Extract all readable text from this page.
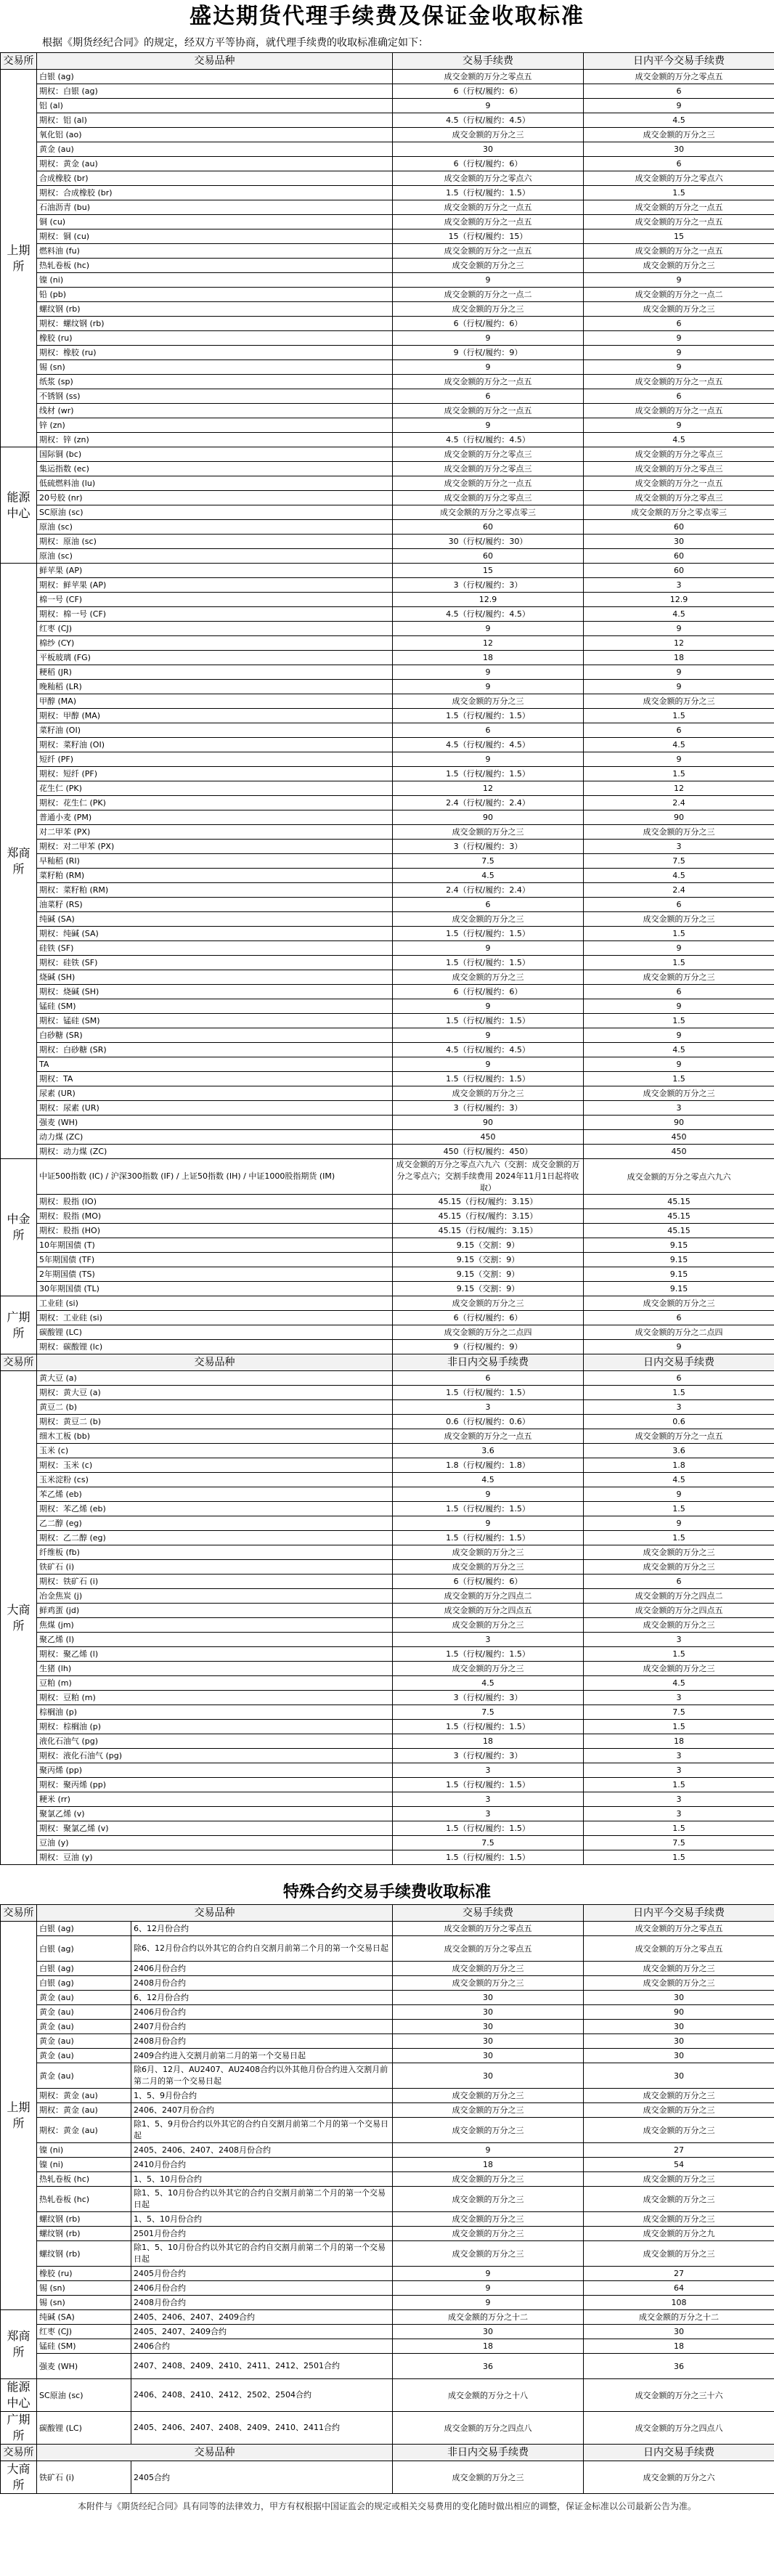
盛达期货代理手续费及保证金收取标准
根据《期货经纪合同》的规定，经双方平等协商，就代理手续费的收取标准确定如下：
交易所	交易品种	交易手续费	日内平今交易手续费
上期所	白银 (ag)	成交金额的万分之零点五	成交金额的万分之零点五
	期权：白银 (ag)	6（行权/履约：6）	6
	铝 (al)	9	9
	期权：铝 (al)	4.5（行权/履约：4.5）	4.5
	氧化铝 (ao)	成交金额的万分之三	成交金额的万分之三
	黄金 (au)	30	30
	期权：黄金 (au)	6（行权/履约：6）	6
	合成橡胶 (br)	成交金额的万分之零点六	成交金额的万分之零点六
	期权：合成橡胶 (br)	1.5（行权/履约：1.5）	1.5
	石油沥青 (bu)	成交金额的万分之一点五	成交金额的万分之一点五
	铜 (cu)	成交金额的万分之一点五	成交金额的万分之一点五
	期权：铜 (cu)	15（行权/履约：15）	15
	燃料油 (fu)	成交金额的万分之一点五	成交金额的万分之一点五
	热轧卷板 (hc)	成交金额的万分之三	成交金额的万分之三
	镍 (ni)	9	9
	铅 (pb)	成交金额的万分之一点二	成交金额的万分之一点二
	螺纹钢 (rb)	成交金额的万分之三	成交金额的万分之三
	期权：螺纹钢 (rb)	6（行权/履约：6）	6
	橡胶 (ru)	9	9
	期权：橡胶 (ru)	9（行权/履约：9）	9
	锡 (sn)	9	9
	纸浆 (sp)	成交金额的万分之一点五	成交金额的万分之一点五
	不锈钢 (ss)	6	6
	线材 (wr)	成交金额的万分之一点五	成交金额的万分之一点五
	锌 (zn)	9	9
	期权：锌 (zn)	4.5（行权/履约：4.5）	4.5
能源中心	国际铜 (bc)	成交金额的万分之零点三	成交金额的万分之零点三
	集运指数 (ec)	成交金额的万分之零点三	成交金额的万分之零点三
	低硫燃料油 (lu)	成交金额的万分之一点五	成交金额的万分之一点五
	20号胶 (nr)	成交金额的万分之零点三	成交金额的万分之零点三
	SC原油 (sc)	成交金额的万分之零点零三	成交金额的万分之零点零三
	原油 (sc)	60	60
	期权：原油 (sc)	30（行权/履约：30）	30
	原油 (sc)	60	60
郑商所	鲜苹果 (AP)	15	60
	期权：鲜苹果 (AP)	3（行权/履约：3）	3
	棉一号 (CF)	12.9	12.9
	期权：棉一号 (CF)	4.5（行权/履约：4.5）	4.5
	红枣 (CJ)	9	9
	棉纱 (CY)	12	12
	平板玻璃 (FG)	18	18
	粳稻 (JR)	9	9
	晚籼稻 (LR)	9	9
	甲醇 (MA)	成交金额的万分之三	成交金额的万分之三
	期权：甲醇 (MA)	1.5（行权/履约：1.5）	1.5
	菜籽油 (OI)	6	6
	期权：菜籽油 (OI)	4.5（行权/履约：4.5）	4.5
	短纤 (PF)	9	9
	期权：短纤 (PF)	1.5（行权/履约：1.5）	1.5
	花生仁 (PK)	12	12
	期权：花生仁 (PK)	2.4（行权/履约：2.4）	2.4
	普通小麦 (PM)	90	90
	对二甲苯 (PX)	成交金额的万分之三	成交金额的万分之三
	期权：对二甲苯 (PX)	3（行权/履约：3）	3
	早籼稻 (RI)	7.5	7.5
	菜籽粕 (RM)	4.5	4.5
	期权：菜籽粕 (RM)	2.4（行权/履约：2.4）	2.4
	油菜籽 (RS)	6	6
	纯碱 (SA)	成交金额的万分之三	成交金额的万分之三
	期权：纯碱 (SA)	1.5（行权/履约：1.5）	1.5
	硅铁 (SF)	9	9
	期权：硅铁 (SF)	1.5（行权/履约：1.5）	1.5
	烧碱 (SH)	成交金额的万分之三	成交金额的万分之三
	期权：烧碱 (SH)	6（行权/履约：6）	6
	锰硅 (SM)	9	9
	期权：锰硅 (SM)	1.5（行权/履约：1.5）	1.5
	白砂糖 (SR)	9	9
	期权：白砂糖 (SR)	4.5（行权/履约：4.5）	4.5
	TA	9	9
	期权：TA	1.5（行权/履约：1.5）	1.5
	尿素 (UR)	成交金额的万分之三	成交金额的万分之三
	期权：尿素 (UR)	3（行权/履约：3）	3
	强麦 (WH)	90	90
	动力煤 (ZC)	450	450
	期权：动力煤 (ZC)	450（行权/履约：450）	450
中金所	中证500指数 (IC) / 沪深300指数 (IF) / 上证50指数 (IH) / 中证1000股指期货 (IM)	成交金额的万分之零点六九六（交割：成交金额的万分之零点六；交割手续费用 2024年11月1日起将收取）	成交金额的万分之零点六九六
	期权：股指 (IO)	45.15（行权/履约：3.15）	45.15
	期权：股指 (MO)	45.15（行权/履约：3.15）	45.15
	期权：股指 (HO)	45.15（行权/履约：3.15）	45.15
	10年期国债 (T)	9.15（交割：9）	9.15
	5年期国债 (TF)	9.15（交割：9）	9.15
	2年期国债 (TS)	9.15（交割：9）	9.15
	30年期国债 (TL)	9.15（交割：9）	9.15
广期所	工业硅 (si)	成交金额的万分之三	成交金额的万分之三
	期权：工业硅 (si)	6（行权/履约：6）	6
	碳酸锂 (LC)	成交金额的万分之二点四	成交金额的万分之二点四
	期权：碳酸锂 (lc)	9（行权/履约：9）	9
交易所	交易品种	非日内交易手续费	日内交易手续费
大商所	黄大豆 (a)	6	6
	期权：黄大豆 (a)	1.5（行权/履约：1.5）	1.5
	黄豆二 (b)	3	3
	期权：黄豆二 (b)	0.6（行权/履约：0.6）	0.6
	细木工板 (bb)	成交金额的万分之一点五	成交金额的万分之一点五
	玉米 (c)	3.6	3.6
	期权：玉米 (c)	1.8（行权/履约：1.8）	1.8
	玉米淀粉 (cs)	4.5	4.5
	苯乙烯 (eb)	9	9
	期权：苯乙烯 (eb)	1.5（行权/履约：1.5）	1.5
	乙二醇 (eg)	9	9
	期权：乙二醇 (eg)	1.5（行权/履约：1.5）	1.5
	纤维板 (fb)	成交金额的万分之三	成交金额的万分之三
	铁矿石 (i)	成交金额的万分之三	成交金额的万分之三
	期权：铁矿石 (i)	6（行权/履约：6）	6
	冶金焦炭 (j)	成交金额的万分之四点二	成交金额的万分之四点二
	鲜鸡蛋 (jd)	成交金额的万分之四点五	成交金额的万分之四点五
	焦煤 (jm)	成交金额的万分之三	成交金额的万分之三
	聚乙烯 (l)	3	3
	期权：聚乙烯 (l)	1.5（行权/履约：1.5）	1.5
	生猪 (lh)	成交金额的万分之三	成交金额的万分之三
	豆粕 (m)	4.5	4.5
	期权：豆粕 (m)	3（行权/履约：3）	3
	棕榈油 (p)	7.5	7.5
	期权：棕榈油 (p)	1.5（行权/履约：1.5）	1.5
	液化石油气 (pg)	18	18
	期权：液化石油气 (pg)	3（行权/履约：3）	3
	聚丙烯 (pp)	3	3
	期权：聚丙烯 (pp)	1.5（行权/履约：1.5）	1.5
	粳米 (rr)	3	3
	聚氯乙烯 (v)	3	3
	期权：聚氯乙烯 (v)	1.5（行权/履约：1.5）	1.5
	豆油 (y)	7.5	7.5
	期权：豆油 (y)	1.5（行权/履约：1.5）	1.5
特殊合约交易手续费收取标准
交易所	交易品种		交易手续费	日内平今交易手续费
上期所	白银 (ag)	6、12月份合约	成交金额的万分之零点五	成交金额的万分之零点五
	白银 (ag)	除6、12月份合约以外其它的合约自交割月前第二个月的第一个交易日起	成交金额的万分之零点五	成交金额的万分之零点五
	白银 (ag)	2406月份合约	成交金额的万分之三	成交金额的万分之三
	白银 (ag)	2408月份合约	成交金额的万分之三	成交金额的万分之三
	黄金 (au)	6、12月份合约	30	30
	黄金 (au)	2406月份合约	30	90
	黄金 (au)	2407月份合约	30	30
	黄金 (au)	2408月份合约	30	30
	黄金 (au)	2409合约进入交割月前第二月的第一个交易日起	30	30
	黄金 (au)	除6月、12月、AU2407、AU2408合约以外其他月份合约进入交割月前第二月的第一个交易日起	30	30
	期权：黄金 (au)	1、5、9月份合约	成交金额的万分之三	成交金额的万分之三
	期权：黄金 (au)	2406、2407月份合约	成交金额的万分之三	成交金额的万分之三
	期权：黄金 (au)	除1、5、9月份合约以外其它的合约自交割月前第二个月的第一个交易日起	成交金额的万分之三	成交金额的万分之三
	镍 (ni)	2405、2406、2407、2408月份合约	9	27
	镍 (ni)	2410月份合约	18	54
	热轧卷板 (hc)	1、5、10月份合约	成交金额的万分之三	成交金额的万分之三
	热轧卷板 (hc)	除1、5、10月份合约以外其它的合约自交割月前第二个月的第一个交易日起	成交金额的万分之三	成交金额的万分之三
	螺纹钢 (rb)	1、5、10月份合约	成交金额的万分之三	成交金额的万分之三
	螺纹钢 (rb)	2501月份合约	成交金额的万分之三	成交金额的万分之九
	螺纹钢 (rb)	除1、5、10月份合约以外其它的合约自交割月前第二个月的第一个交易日起	成交金额的万分之三	成交金额的万分之三
	橡胶 (ru)	2405月份合约	9	27
	锡 (sn)	2406月份合约	9	64
	锡 (sn)	2408月份合约	9	108
郑商所	纯碱 (SA)	2405、2406、2407、2409合约	成交金额的万分之十二	成交金额的万分之十二
	红枣 (CJ)	2405、2407、2409合约	30	30
	锰硅 (SM)	2406合约	18	18
	强麦 (WH)	2407、2408、2409、2410、2411、2412、2501合约	36	36
能源中心	SC原油 (sc)	2406、2408、2410、2412、2502、2504合约	成交金额的万分之十八	成交金额的万分之三十六
广期所	碳酸锂 (LC)	2405、2406、2407、2408、2409、2410、2411合约	成交金额的万分之四点八	成交金额的万分之四点八
交易所	交易品种		非日内交易手续费	日内交易手续费
大商所	铁矿石 (i)	2405合约	成交金额的万分之三	成交金额的万分之六
本附件与《期货经纪合同》具有同等的法律效力，甲方有权根据中国证监会的规定或相关交易费用的变化随时做出相应的调整，保证金标准以公司最新公告为准。
